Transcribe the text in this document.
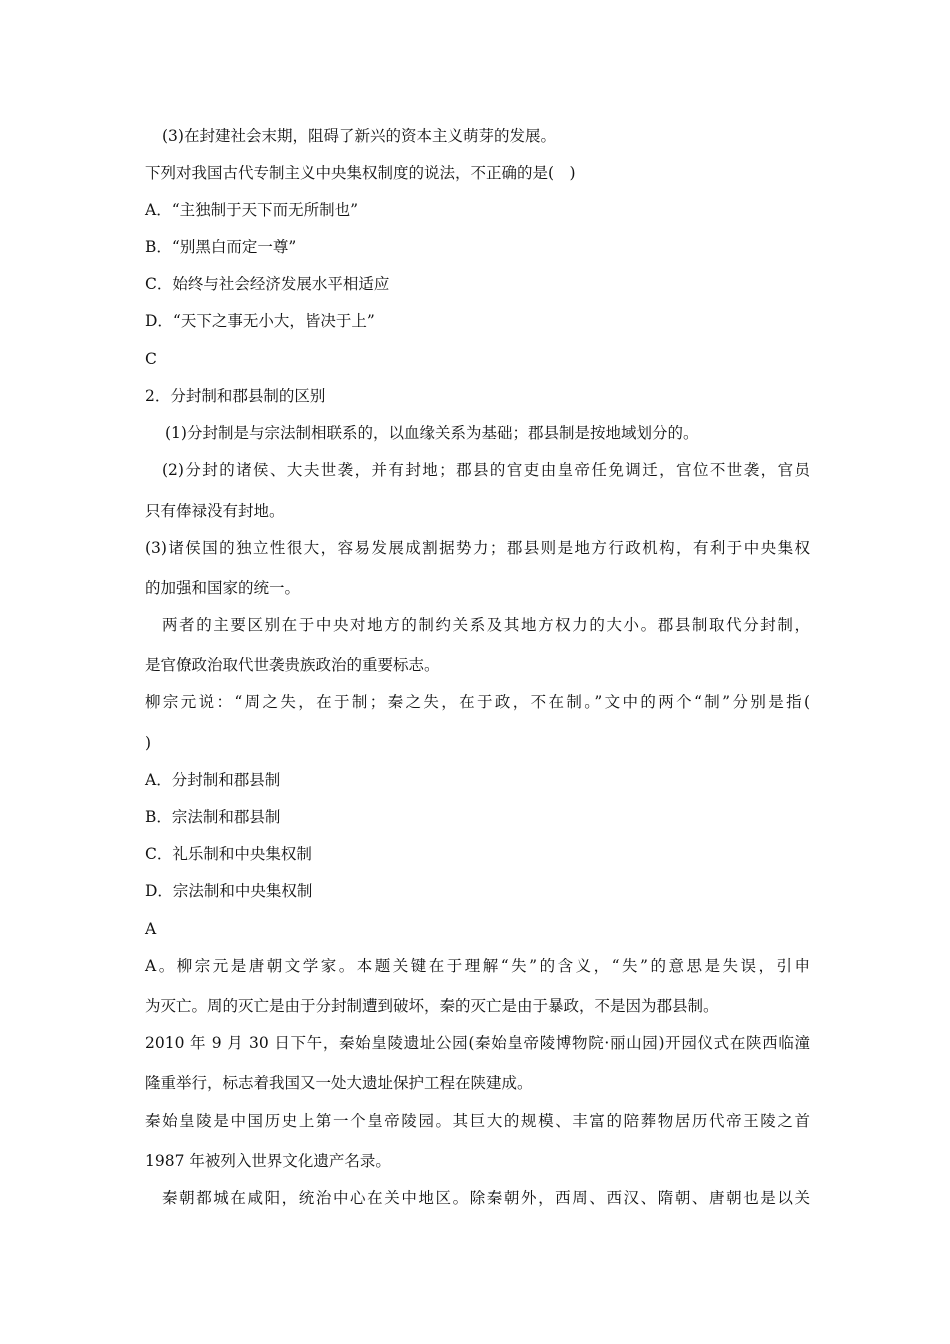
(3)在封建社会末期，阻碍了新兴的资本主义萌芽的发展。
下列对我国古代专制主义中央集权制度的说法，不正确的是(　)
A．“主独制于天下而无所制也”
B．“别黑白而定一尊”
C．始终与社会经济发展水平相适应
D．“天下之事无小大，皆决于上”
C
2．分封制和郡县制的区别
(1)分封制是与宗法制相联系的，以血缘关系为基础；郡县制是按地域划分的。
(2)分封的诸侯、大夫世袭，并有封地；郡县的官吏由皇帝任免调迁，官位不世袭，官员
只有俸禄没有封地。
(3)诸侯国的独立性很大，容易发展成割据势力；郡县则是地方行政机构，有利于中央集权
的加强和国家的统一。
两者的主要区别在于中央对地方的制约关系及其地方权力的大小。郡县制取代分封制，
是官僚政治取代世袭贵族政治的重要标志。
柳宗元说：“周之失，在于制；秦之失，在于政，不在制。”文中的两个“制”分别是指(
)
A．分封制和郡县制
B．宗法制和郡县制
C．礼乐制和中央集权制
D．宗法制和中央集权制
A
A。柳宗元是唐朝文学家。本题关键在于理解“失”的含义，“失”的意思是失误，引申
为灭亡。周的灭亡是由于分封制遭到破坏，秦的灭亡是由于暴政，不是因为郡县制。
2010 年 9 月 30 日下午，秦始皇陵遗址公园(秦始皇帝陵博物院·丽山园)开园仪式在陕西临潼
隆重举行，标志着我国又一处大遗址保护工程在陕建成。
秦始皇陵是中国历史上第一个皇帝陵园。其巨大的规模、丰富的陪葬物居历代帝王陵之首
1987 年被列入世界文化遗产名录。
秦朝都城在咸阳，统治中心在关中地区。除秦朝外，西周、西汉、隋朝、唐朝也是以关
